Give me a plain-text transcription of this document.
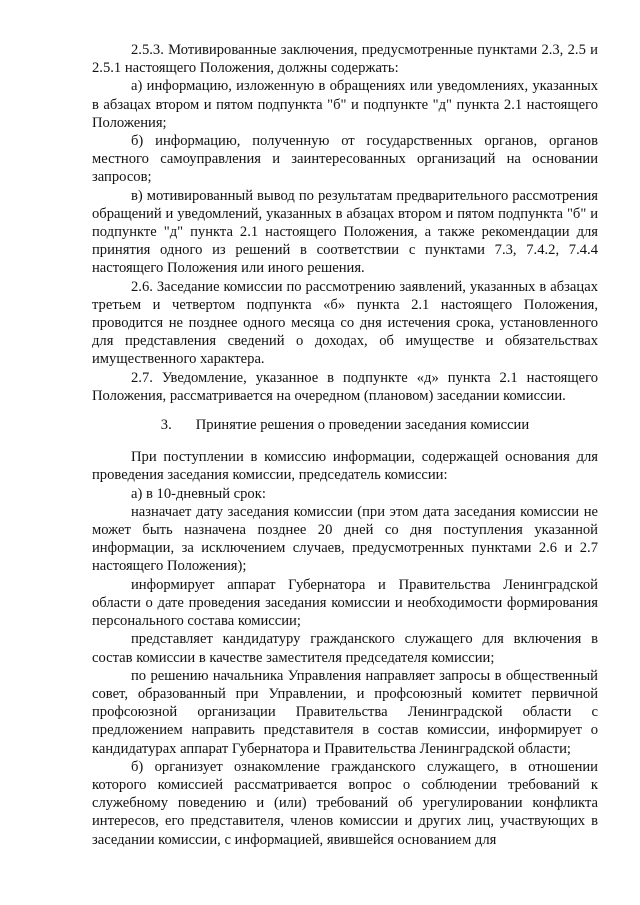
2.5.3. Мотивированные заключения, предусмотренные пунктами 2.3, 2.5 и 2.5.1 настоящего Положения, должны содержать:

а) информацию, изложенную в обращениях или уведомлениях, указанных в абзацах втором и пятом подпункта "б" и подпункте "д" пункта 2.1 настоящего Положения;

б) информацию, полученную от государственных органов, органов местного самоуправления и заинтересованных организаций на основании запросов;

в) мотивированный вывод по результатам предварительного рассмотрения обращений и уведомлений, указанных в абзацах втором и пятом подпункта "б" и подпункте "д" пункта 2.1 настоящего Положения, а также рекомендации для принятия одного из решений в соответствии с пунктами 7.3, 7.4.2, 7.4.4 настоящего Положения или иного решения.

2.6. Заседание комиссии по рассмотрению заявлений, указанных в абзацах третьем и четвертом подпункта «б» пункта 2.1 настоящего Положения, проводится не позднее одного месяца со дня истечения срока, установленного для представления сведений о доходах, об имуществе и обязательствах имущественного характера.

2.7. Уведомление, указанное в подпункте «д» пункта 2.1 настоящего Положения, рассматривается на очередном (плановом) заседании комиссии.

3. Принятие решения о проведении заседания комиссии

При поступлении в комиссию информации, содержащей основания для проведения заседания комиссии, председатель комиссии:

а) в 10-дневный срок:

назначает дату заседания комиссии (при этом дата заседания комиссии не может быть назначена позднее 20 дней со дня поступления указанной информации, за исключением случаев, предусмотренных пунктами 2.6 и 2.7 настоящего Положения);

информирует аппарат Губернатора и Правительства Ленинградской области о дате проведения заседания комиссии и необходимости формирования персонального состава комиссии;

представляет кандидатуру гражданского служащего для включения в состав комиссии в качестве заместителя председателя комиссии;

по решению начальника Управления направляет запросы в общественный совет, образованный при Управлении, и профсоюзный комитет первичной профсоюзной организации Правительства Ленинградской области с предложением направить представителя в состав комиссии, информирует о кандидатурах аппарат Губернатора и Правительства Ленинградской области;

б) организует ознакомление гражданского служащего, в отношении которого комиссией рассматривается вопрос о соблюдении требований к служебному поведению и (или) требований об урегулировании конфликта интересов, его представителя, членов комиссии и других лиц, участвующих в заседании комиссии, с информацией, явившейся основанием для
